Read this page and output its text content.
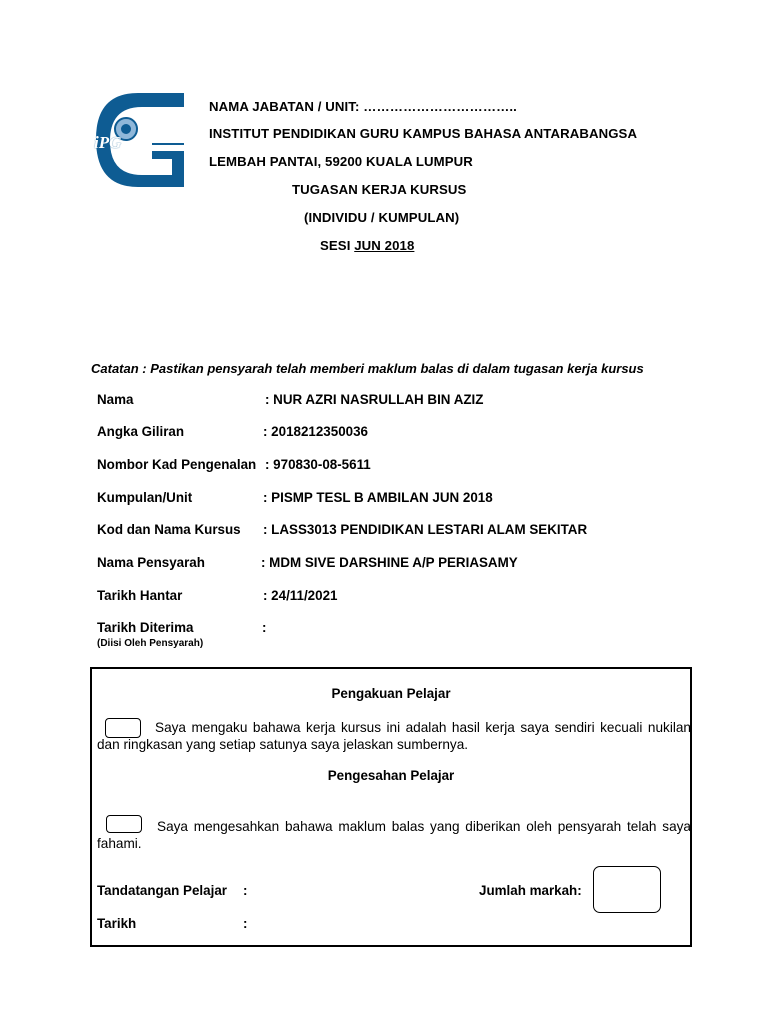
iPG
NAMA JABATAN / UNIT: ……………………………..
INSTITUT PENDIDIKAN GURU KAMPUS BAHASA ANTARABANGSA
LEMBAH PANTAI, 59200 KUALA LUMPUR
TUGASAN KERJA KURSUS
(INDIVIDU / KUMPULAN)
SESI JUN 2018
Catatan : Pastikan pensyarah telah memberi maklum balas di dalam tugasan kerja kursus
Nama	: NUR AZRI NASRULLAH BIN AZIZ
Angka Giliran	: 2018212350036
Nombor Kad Pengenalan : 970830-08-5611
Kumpulan/Unit	: PISMP TESL B AMBILAN JUN 2018
Kod dan Nama Kursus : LASS3013 PENDIDIKAN LESTARI ALAM SEKITAR
Nama Pensyarah	: MDM SIVE DARSHINE A/P PERIASAMY
Tarikh Hantar	: 24/11/2021
Tarikh Diterima	:
(Diisi Oleh Pensyarah)
Pengakuan Pelajar
Saya mengaku bahawa kerja kursus ini adalah hasil kerja saya sendiri kecuali nukilan dan ringkasan yang setiap satunya saya jelaskan sumbernya.
Pengesahan Pelajar
Saya mengesahkan bahawa maklum balas yang diberikan oleh pensyarah telah saya fahami.
Tandatangan Pelajar :	Jumlah markah:
Tarikh	:
